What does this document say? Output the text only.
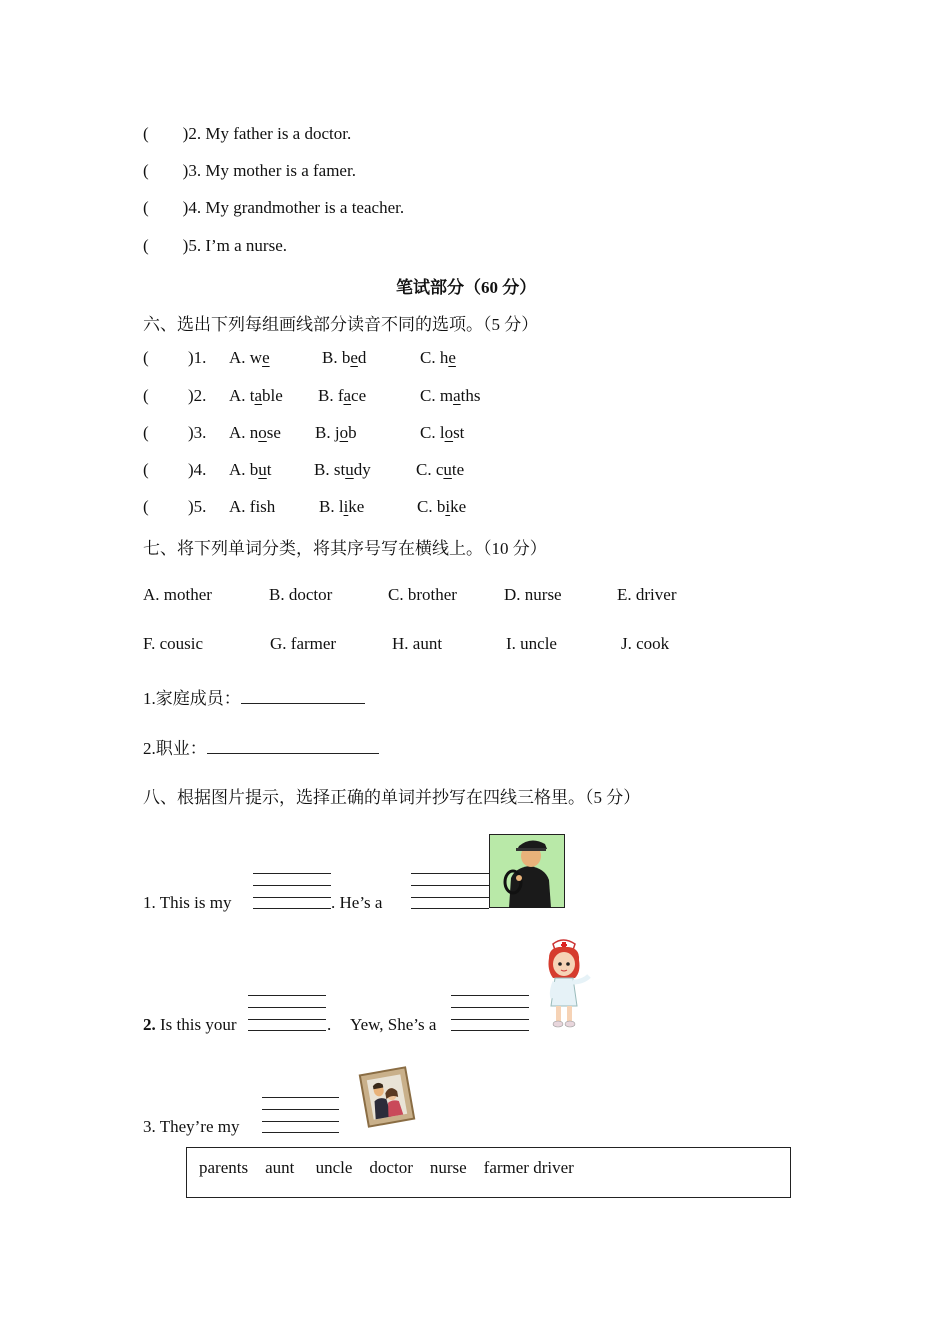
( )2. My father is a doctor.
( )3. My mother is a famer.
( )4. My grandmother is a teacher.
( )5. I’m a nurse.
笔试部分（60 分）
六、选出下列每组画线部分读音不同的选项。（5 分）
( )1. A. we	B. bed	C. he
( )2. A. table B. face	C. maths
( )3. A. nose B. job	C. lost
( )4. A. but B. study	C. cute
( )5. A. fish	B. like	C. bike
七、将下列单词分类，将其序号写在横线上。（10 分）
A. mother	B. doctor	C. brother	D. nurse	E. driver
F. cousic	G. farmer	H. aunt	I. uncle	J. cook
1.家庭成员：
2.职业：
八、根据图片提示，选择正确的单词并抄写在四线三格里。（5 分）
1. This is my	. He’s a
2. Is this your	. Yew, She’s a
3. They’re my
parents    aunt     uncle    doctor    nurse    farmer driver
